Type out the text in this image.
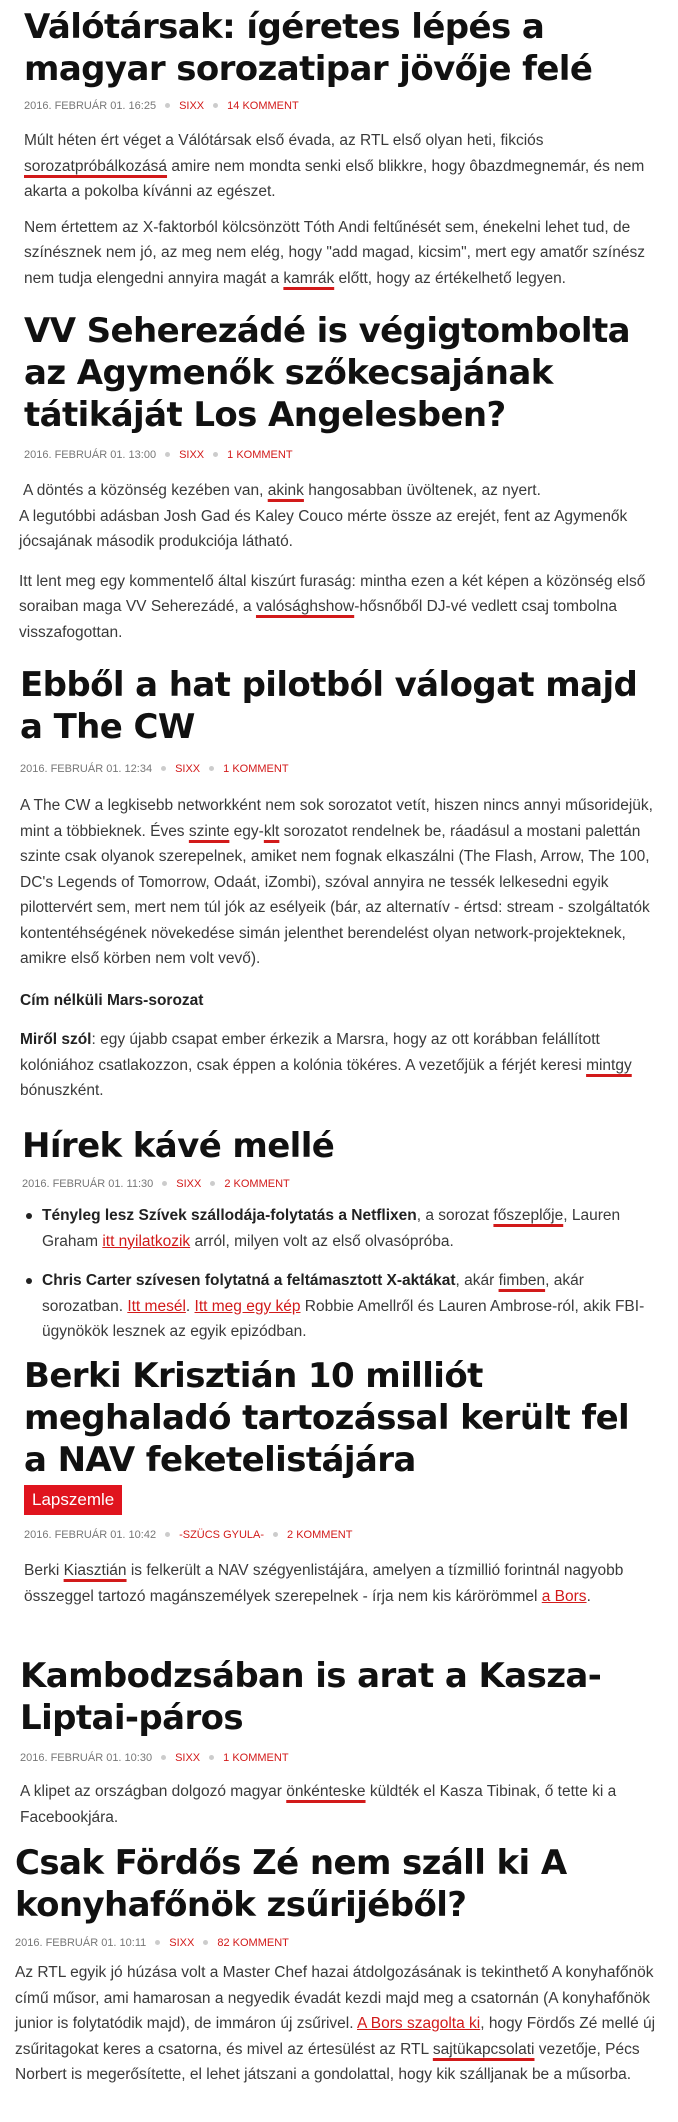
Válótársak: ígéretes lépés a magyar sorozatipar jövője felé
2016. FEBRUÁR 01. 16:25 SIXX 14 KOMMENT

Múlt héten ért véget a Válótársak első évada, az RTL első olyan heti, fikciós sorozatpróbálkozásá amire nem mondta senki első blikkre, hogy ôbazdmegnemár, és nem akarta a pokolba kívánni az egészet.

Nem értettem az X-faktorból kölcsönzött Tóth Andi feltűnését sem, énekelni lehet tud, de színésznek nem jó, az meg nem elég, hogy "add magad, kicsim", mert egy amatőr színész nem tudja elengedni annyira magát a kamrák előtt, hogy az értékelhető legyen.

VV Seherezádé is végigtombolta az Agymenők szőkecsajának tátikáját Los Angelesben?
2016. FEBRUÁR 01. 13:00 SIXX 1 KOMMENT

A döntés a közönség kezében van, akink hangosabban üvöltenek, az nyert.

A legutóbbi adásban Josh Gad és Kaley Couco mérte össze az erejét, fent az Agymenők jócsajának második produkciója látható.

Itt lent meg egy kommentelő által kiszúrt furaság: mintha ezen a két képen a közönség első soraiban maga VV Seherezádé, a valósághshow-hősnőből DJ-vé vedlett csaj tombolna visszafogottan.

Ebből a hat pilotból válogat majd a The CW
2016. FEBRUÁR 01. 12:34 SIXX 1 KOMMENT

A The CW a legkisebb networkként nem sok sorozatot vetít, hiszen nincs annyi műsoridejük, mint a többieknek. Éves szinte egy-klt sorozatot rendelnek be, ráadásul a mostani palettán szinte csak olyanok szerepelnek, amiket nem fognak elkaszálni (The Flash, Arrow, The 100, DC's Legends of Tomorrow, Odaát, iZombi), szóval annyira ne tessék lelkesedni egyik pilottervért sem, mert nem túl jók az esélyeik (bár, az alternatív - értsd: stream - szolgáltatók kontentéhségének növekedése simán jelenthet berendelést olyan network-projekteknek, amikre első körben nem volt vevő).

Cím nélküli Mars-sorozat

Miről szól: egy újabb csapat ember érkezik a Marsra, hogy az ott korábban felállított kolóniához csatlakozzon, csak éppen a kolónia tökéres. A vezetőjük a férjét keresi mintgy bónuszként.

Hírek kávé mellé
2016. FEBRUÁR 01. 11:30 SIXX 2 KOMMENT
Tényleg lesz Szívek szállodája-folytatás a Netflixen, a sorozat főszeplője, Lauren Graham itt nyilatkozik arról, milyen volt az első olvasópróba.
Chris Carter szívesen folytatná a feltámasztott X-aktákat, akár fimben, akár sorozatban. Itt mesél. Itt meg egy kép Robbie Amellről és Lauren Ambrose-ról, akik FBI-ügynökök lesznek az egyik epizódban.
Berki Krisztián 10 milliót meghaladó tartozással került fel a NAV feketelistájára
Lapszemle
2016. FEBRUÁR 01. 10:42 -SZÜCS GYULA- 2 KOMMENT

Berki Kiasztián is felkerült a NAV szégyenlistájára, amelyen a tízmillió forintnál nagyobb összeggel tartozó magánszemélyek szerepelnek - írja nem kis kárörömmel a Bors.

Kambodzsában is arat a Kasza-Liptai-páros
2016. FEBRUÁR 01. 10:30 SIXX 1 KOMMENT

A klipet az országban dolgozó magyar önkénteske küldték el Kasza Tibinak, ő tette ki a Facebookjára.

Csak Fördős Zé nem száll ki A konyhafőnök zsűrijéből?
2016. FEBRUÁR 01. 10:11 SIXX 82 KOMMENT

Az RTL egyik jó húzása volt a Master Chef hazai átdolgozásának is tekinthető A konyhafőnök című műsor, ami hamarosan a negyedik évadát kezdi majd meg a csatornán (A konyhafőnök junior is folytatódik majd), de immáron új zsűrivel. A Bors szagolta ki, hogy Fördős Zé mellé új zsűritagokat keres a csatorna, és mivel az értesülést az RTL sajtükapcsolati vezetője, Pécs Norbert is megerősítette, el lehet játszani a gondolattal, hogy kik szálljanak be a műsorba.
